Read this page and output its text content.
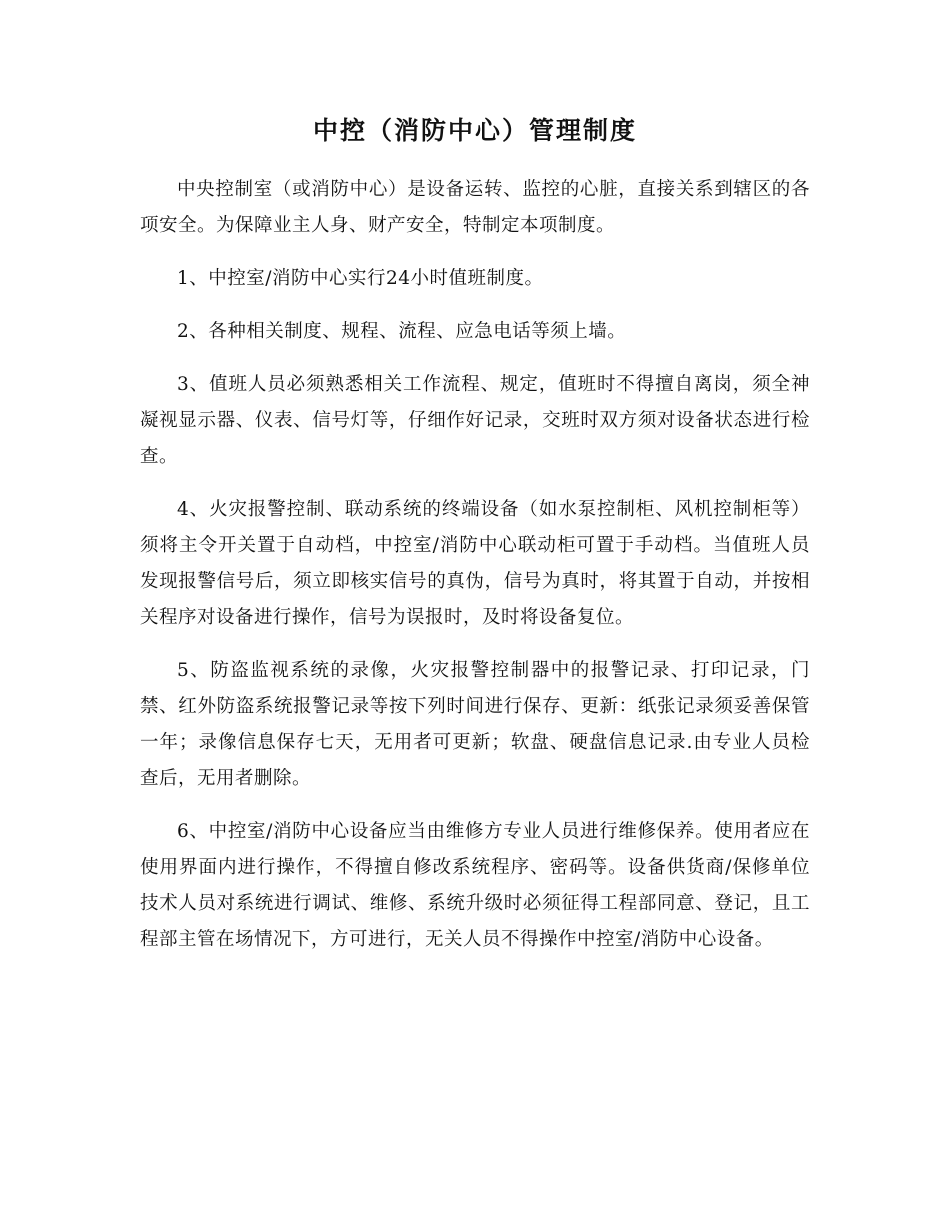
中控（消防中心）管理制度

中央控制室（或消防中心）是设备运转、监控的心脏，直接关系到辖区的各项安全。为保障业主人身、财产安全，特制定本项制度。

1、中控室/消防中心实行24小时值班制度。

2、各种相关制度、规程、流程、应急电话等须上墙。

3、值班人员必须熟悉相关工作流程、规定，值班时不得擅自离岗，须全神凝视显示器、仪表、信号灯等，仔细作好记录，交班时双方须对设备状态进行检查。

4、火灾报警控制、联动系统的终端设备（如水泵控制柜、风机控制柜等）须将主令开关置于自动档，中控室/消防中心联动柜可置于手动档。当值班人员发现报警信号后，须立即核实信号的真伪，信号为真时，将其置于自动，并按相关程序对设备进行操作，信号为误报时，及时将设备复位。

5、防盗监视系统的录像，火灾报警控制器中的报警记录、打印记录，门禁、红外防盗系统报警记录等按下列时间进行保存、更新：纸张记录须妥善保管一年；录像信息保存七天，无用者可更新；软盘、硬盘信息记录.由专业人员检查后，无用者删除。

6、中控室/消防中心设备应当由维修方专业人员进行维修保养。使用者应在使用界面内进行操作，不得擅自修改系统程序、密码等。设备供货商/保修单位技术人员对系统进行调试、维修、系统升级时必须征得工程部同意、登记，且工程部主管在场情况下，方可进行，无关人员不得操作中控室/消防中心设备。
